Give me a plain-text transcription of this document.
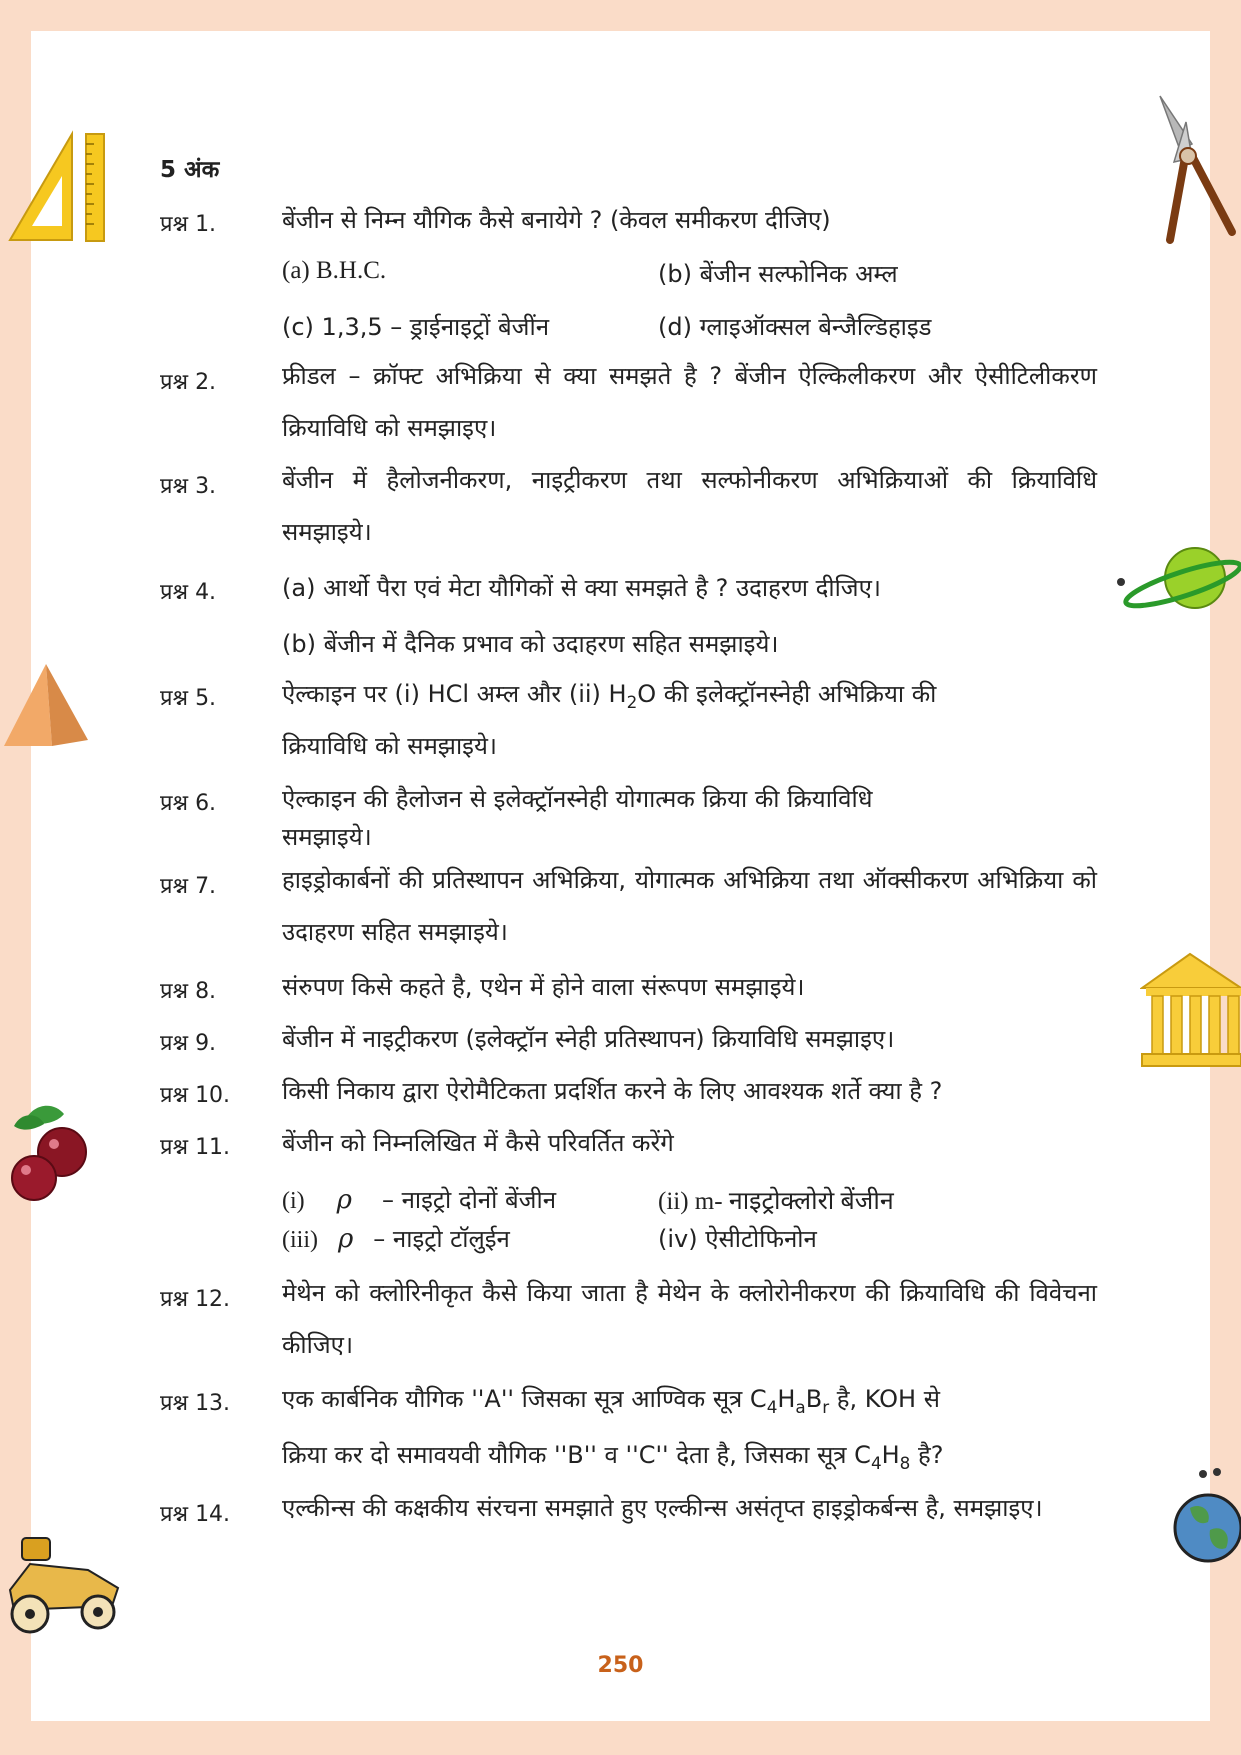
5 अंक
प्रश्न 1.	बेंजीन से निम्न यौगिक कैसे बनायेगे ? (केवल समीकरण दीजिए)
(a) B.H.C.	(b) बेंजीन सल्फोनिक अम्ल
(c) 1,3,5 – ड्राईनाइट्रों बेजींन	(d) ग्लाइऑक्सल बेन्जैल्डिहाइड
प्रश्न 2.	फ्रीडल – क्रॉफ्ट अभिक्रिया से क्या समझते है ? बेंजीन ऐल्किलीकरण और ऐसीटिलीकरण क्रियाविधि को समझाइए।
प्रश्न 3.	बेंजीन में हैलोजनीकरण, नाइट्रीकरण तथा सल्फोनीकरण अभिक्रियाओं की क्रियाविधि समझाइये।
प्रश्न 4.	(a) आर्थो पैरा एवं मेटा यौगिकों से क्या समझते है ? उदाहरण दीजिए।
(b) बेंजीन में दैनिक प्रभाव को उदाहरण सहित समझाइये।
प्रश्न 5.	ऐल्काइन पर (i) HCl अम्ल और (ii) $H_2O$ की इलेक्ट्रॉनस्नेही अभिक्रिया की
क्रियाविधि को समझाइये।
प्रश्न 6.	ऐल्काइन की हैलोजन से इलेक्ट्रॉनस्नेही योगात्मक क्रिया की क्रियाविधि
समझाइये।
प्रश्न 7.	हाइड्रोकार्बनों की प्रतिस्थापन अभिक्रिया, योगात्मक अभिक्रिया तथा ऑक्सीकरण अभिक्रिया को उदाहरण सहित समझाइये।
प्रश्न 8.	संरुपण किसे कहते है, एथेन में होने वाला संरूपण समझाइये।
प्रश्न 9.	बेंजीन में नाइट्रीकरण (इलेक्ट्रॉन स्नेही प्रतिस्थापन) क्रियाविधि समझाइए।
प्रश्न 10. किसी निकाय द्वारा ऐरोमैटिकता प्रदर्शित करने के लिए आवश्यक शर्ते क्या है ?
प्रश्न 11. बेंजीन को निम्नलिखित में कैसे परिवर्तित करेंगे
(i) ρ – नाइट्रो दोनों बेंजीन	(ii) m- नाइट्रोक्लोरो बेंजीन
(iii) ρ – नाइट्रो टॉलुईन	(iv) ऐसीटोफिनोन
प्रश्न 12. मेथेन को क्लोरिनीकृत कैसे किया जाता है मेथेन के क्लोरोनीकरण की क्रियाविधि की विवेचना कीजिए।
प्रश्न 13. एक कार्बनिक यौगिक ''A'' जिसका सूत्र आण्विक सूत्र $C_4H_aB_r$ है, KOH से
क्रिया कर दो समावयवी यौगिक ''B'' व ''C'' देता है, जिसका सूत्र $C_4H_8$ है?
प्रश्न 14. एल्कीन्स की कक्षकीय संरचना समझाते हुए एल्कीन्स असंतृप्त हाइड्रोकर्बन्स है, समझाइए।
250
